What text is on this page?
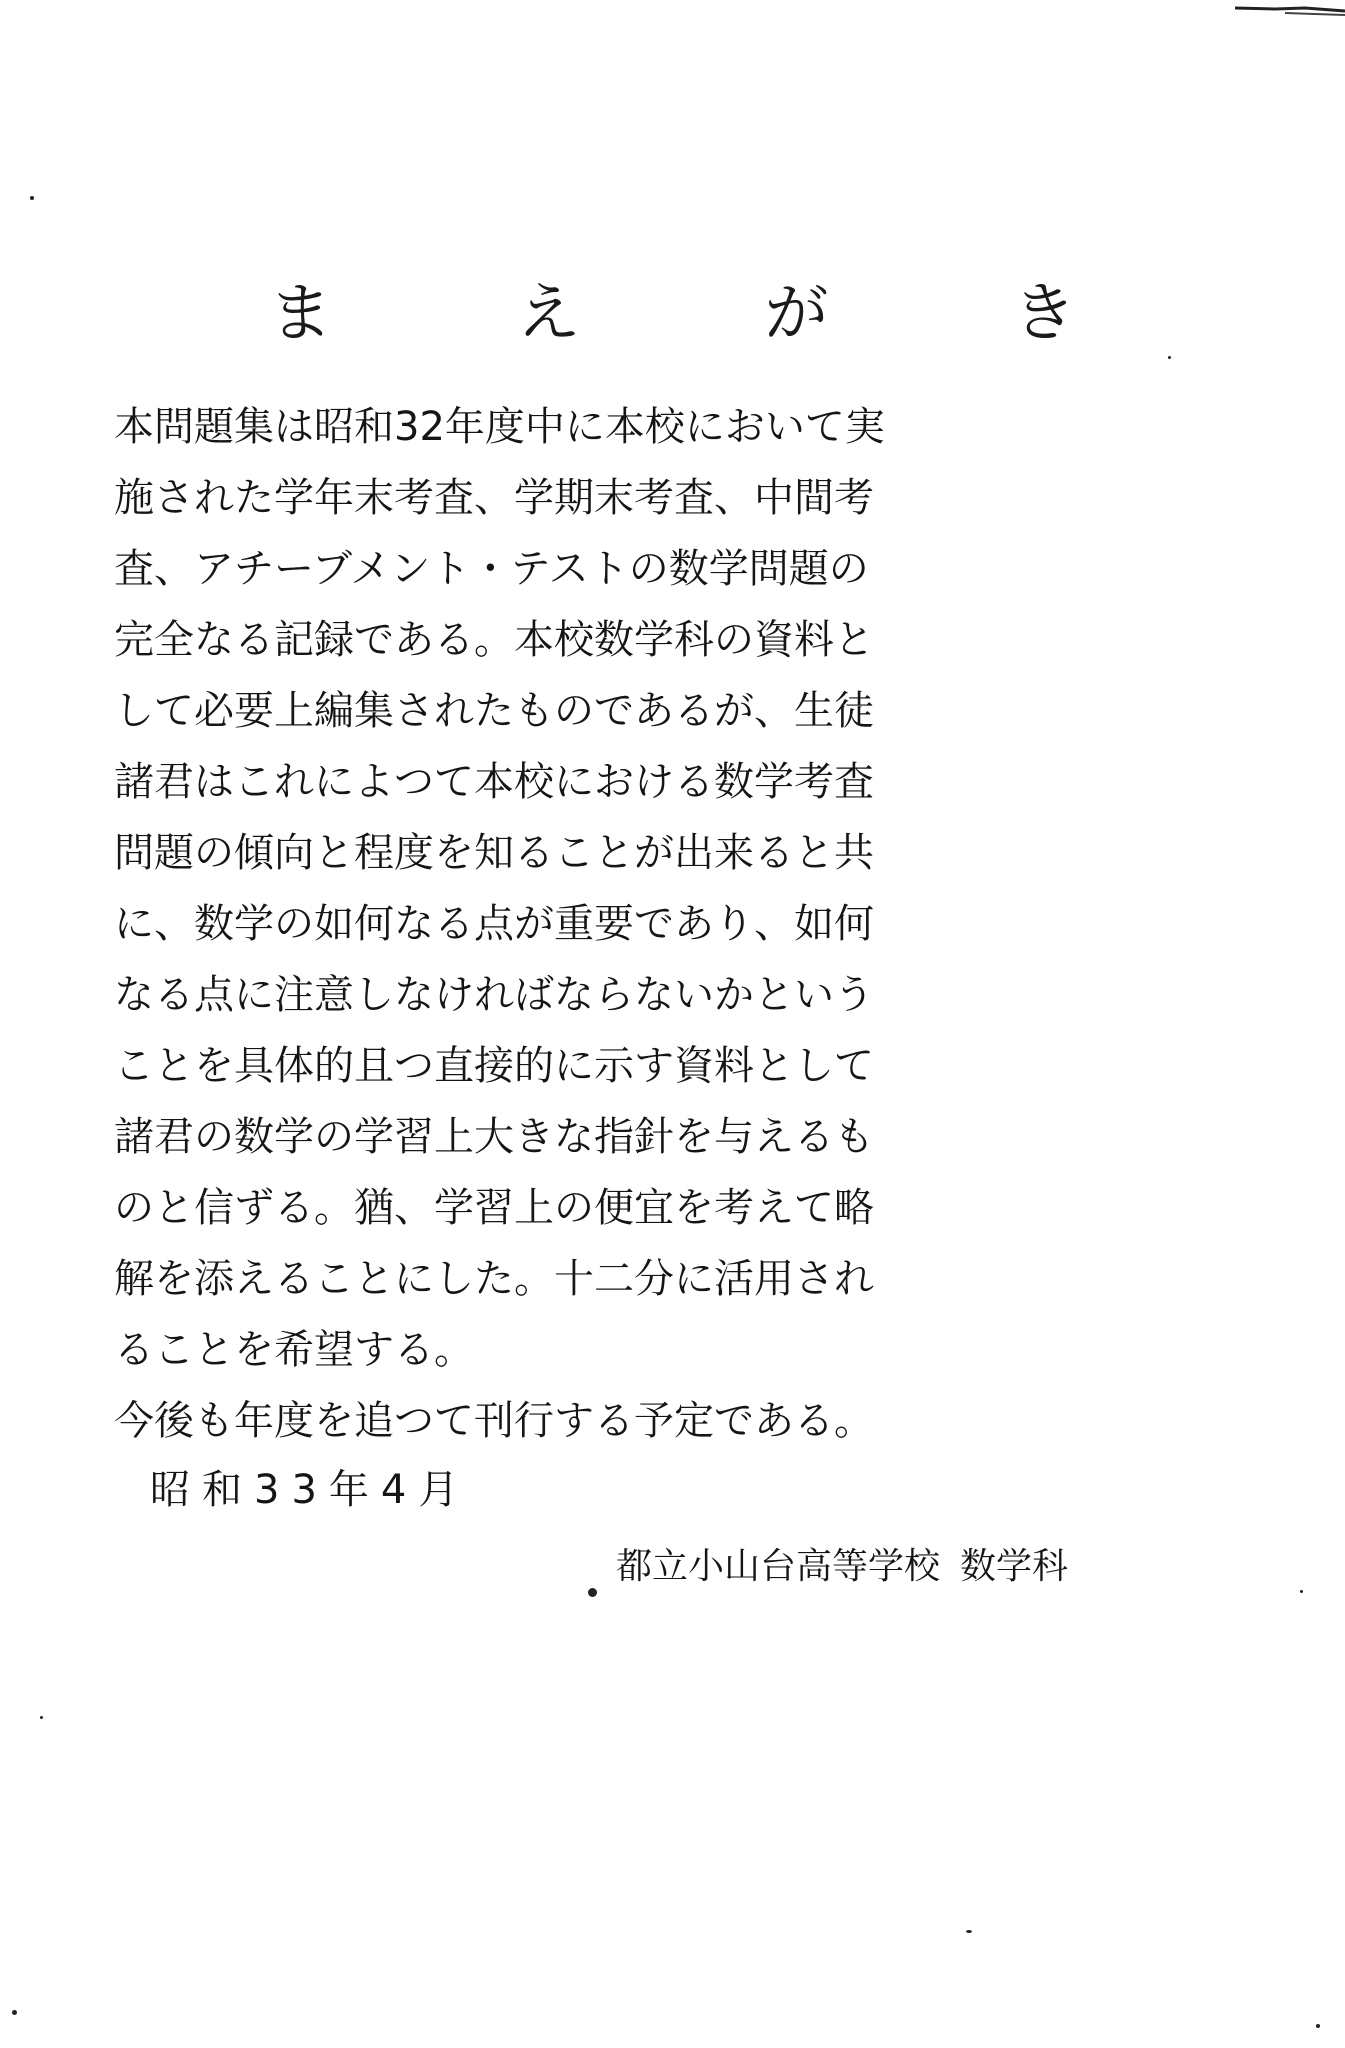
ま　え　が　き
本問題集は昭和32年度中に本校において実
施された学年末考査、学期末考査、中間考
査、アチーブメント・テストの数学問題の
完全なる記録である。本校数学科の資料と
して必要上編集されたものであるが、生徒
諸君はこれによつて本校における数学考査
問題の傾向と程度を知ることが出来ると共
に、数学の如何なる点が重要であり、如何
なる点に注意しなければならないかという
ことを具体的且つ直接的に示す資料として
諸君の数学の学習上大きな指針を与えるも
のと信ずる。猶、学習上の便宜を考えて略
解を添えることにした。十二分に活用され
ることを希望する。
今後も年度を追つて刊行する予定である。
昭和33年4月
都立小山台高等学校 数学科
